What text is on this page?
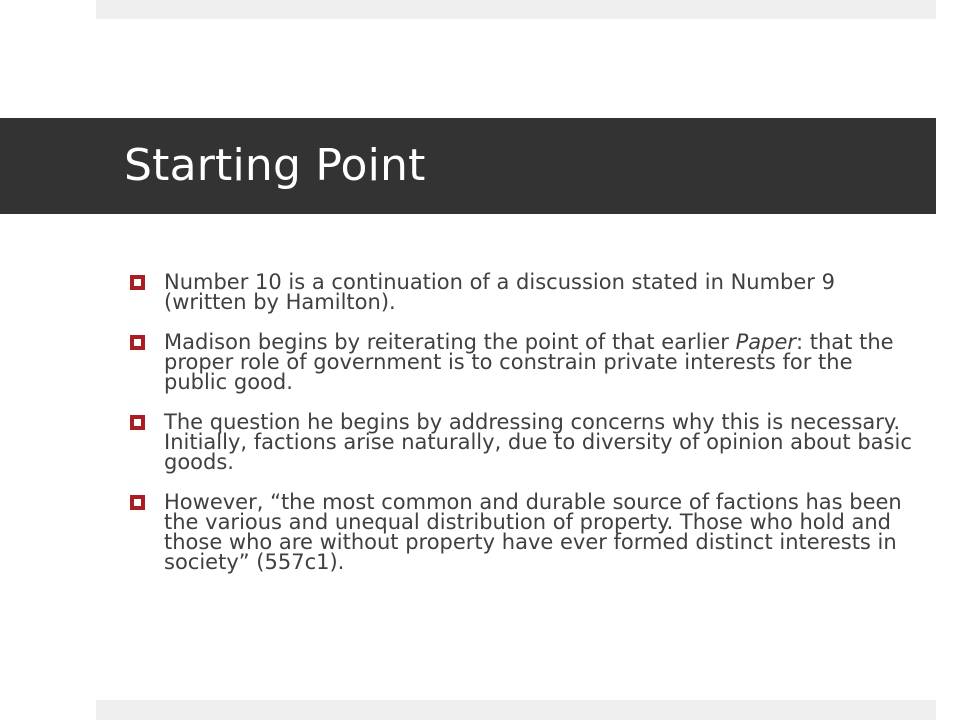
Starting Point
Number 10 is a continuation of a discussion stated in Number 9 (written by Hamilton).
Madison begins by reiterating the point of that earlier Paper: that the proper role of government is to constrain private interests for the public good.
The question he begins by addressing concerns why this is necessary. Initially, factions arise naturally, due to diversity of opinion about basic goods.
However, “the most common and durable source of factions has been the various and unequal distribution of property. Those who hold and those who are without property have ever formed distinct interests in society” (557c1).
